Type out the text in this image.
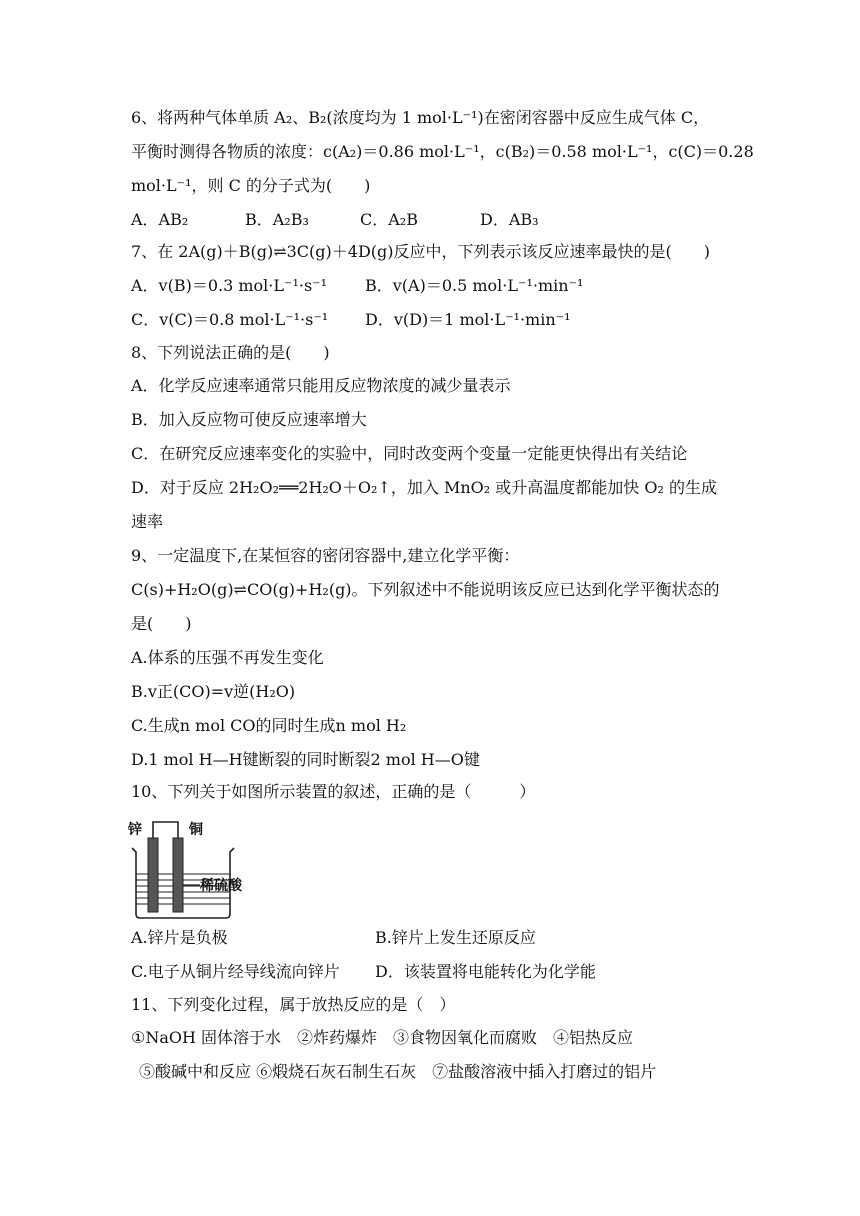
6、将两种气体单质 A₂、B₂(浓度均为 1 mol·L⁻¹)在密闭容器中反应生成气体 C，
平衡时测得各物质的浓度：c(A₂)＝0.86 mol·L⁻¹，c(B₂)＝0.58 mol·L⁻¹，c(C)＝0.28
mol·L⁻¹，则 C 的分子式为(　　)
A．AB₂	B．A₂B₃	C．A₂B	D．AB₃
7、在 2A(g)＋B(g)⇌3C(g)＋4D(g)反应中，下列表示该反应速率最快的是(　　)
A．v(B)＝0.3 mol·L⁻¹·s⁻¹ B．v(A)＝0.5 mol·L⁻¹·min⁻¹
C．v(C)＝0.8 mol·L⁻¹·s⁻¹ D．v(D)＝1 mol·L⁻¹·min⁻¹
8、下列说法正确的是(　　)
A．化学反应速率通常只能用反应物浓度的减少量表示
B．加入反应物可使反应速率增大
C．在研究反应速率变化的实验中，同时改变两个变量一定能更快得出有关结论
D．对于反应 2H₂O₂══2H₂O＋O₂↑，加入 MnO₂ 或升高温度都能加快 O₂ 的生成
速率
9、一定温度下,在某恒容的密闭容器中,建立化学平衡：
C(s)+H₂O(g)⇌CO(g)+H₂(g)。下列叙述中不能说明该反应已达到化学平衡状态的
是(　　)
A.体系的压强不再发生变化
B.v正(CO)=v逆(H₂O)
C.生成n mol CO的同时生成n mol H₂
D.1 mol H—H键断裂的同时断裂2 mol H—O键
10、下列关于如图所示装置的叙述，正确的是（　　　）
锌	铜
稀硫酸
A.锌片是负极	B.锌片上发生还原反应
C.电子从铜片经导线流向锌片 D．该装置将电能转化为化学能
11、下列变化过程，属于放热反应的是（　）
①NaOH 固体溶于水　②炸药爆炸　③食物因氧化而腐败　④铝热反应
⑤酸碱中和反应 ⑥煅烧石灰石制生石灰　⑦盐酸溶液中插入打磨过的铝片
